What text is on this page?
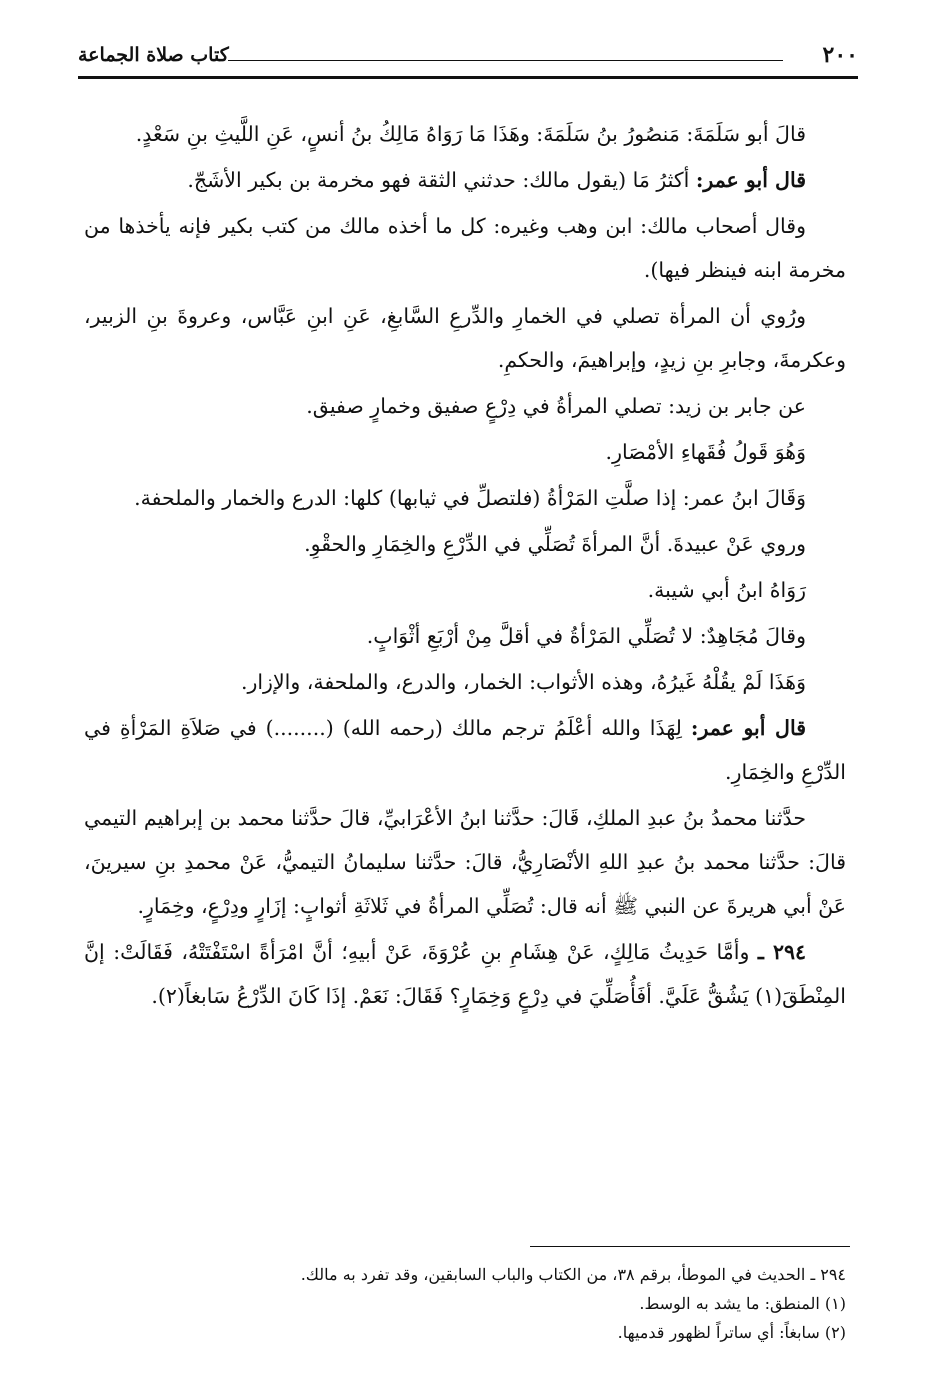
٢٠٠
كتاب صلاة الجماعة

قالَ أبو سَلَمَةَ: مَنصُورُ بنُ سَلَمَةَ: وهَذَا مَا رَوَاهُ مَالِكُ بنُ أنسٍ، عَنِ اللَّيثِ بنِ سَعْدٍ.

قال أبو عمر: أكثرُ مَا (يقول مالك: حدثني الثقة فهو مخرمة بن بكير الأشَجّ.

وقال أصحاب مالك: ابن وهب وغيره: كل ما أخذه مالك من كتب بكير فإنه يأخذها من مخرمة ابنه فينظر فيها).

ورُوي أن المرأة تصلي في الخمارِ والدِّرعِ السَّابغِ، عَنِ ابنِ عَبَّاس، وعروةَ بنِ الزبير، وعكرمةَ، وجابرِ بنِ زيدٍ، وإبراهيمَ، والحكمِ.

عن جابر بن زيد: تصلي المرأةُ في دِرْعٍ صفيق وخمارٍ صفيق.

وَهُوَ قَولُ فُقَهاءِ الأمْصَارِ.

وَقَالَ ابنُ عمر: إذا صلَّتِ المَرْأةُ (فلتصلِّ في ثيابها) كلها: الدرع والخمار والملحفة.

وروي عَنْ عبيدةَ. أنَّ المرأةَ تُصَلِّي في الدِّرْعِ والخِمَارِ والحقْوِ.

رَوَاهُ ابنُ أبي شيبة.

وقالَ مُجَاهِدٌ: لا تُصَلِّي المَرْأةُ في أقلَّ مِنْ أرْبَعِ أثْوَابٍ.

وَهَذَا لَمْ يقُلْهُ غَيرُهُ، وهذه الأثواب: الخمار، والدرع، والملحفة، والإزار.

قال أبو عمر: لِهَذَا والله أعْلَمُ ترجم مالك (رحمه الله) (........) في صَلاَةِ المَرْأةِ في الدِّرْعِ والخِمَارِ.

حدَّثنا محمدُ بنُ عبدِ الملكِ، قَالَ: حدَّثنا ابنُ الأعْرَابيِّ، قالَ حدَّثنا محمد بن إبراهيم التيمي قالَ: حدَّثنا محمد بنُ عبدِ اللهِ الأنْصَارِيُّ، قالَ: حدَّثنا سليمانُ التيميُّ، عَنْ محمدِ بنِ سيرينَ، عَنْ أبي هريرةَ عن النبي ﷺ أنه قال: تُصَلِّي المرأةُ في ثَلاثَةِ أثوابٍ: إزَارٍ ودِرْعٍ، وخِمَارٍ.

٢٩٤ ـ وأمَّا حَدِيثُ مَالِكٍ، عَنْ هِشَامِ بنِ عُرْوَةَ، عَنْ أبيهِ؛ أنَّ امْرَأةً اسْتَفْتَتْهُ، فَقَالَتْ: إنَّ المِنْطَقَ(١) يَشُقُّ عَلَيَّ. أفَأُصَلِّيَ في دِرْعٍ وَخِمَارٍ؟ فَقَالَ: نَعَمْ. إذَا كَانَ الدِّرْعُ سَابغاً(٢).

٢٩٤ ـ الحديث في الموطأ، برقم ٣٨، من الكتاب والباب السابقين، وقد تفرد به مالك.

(١) المنطق: ما يشد به الوسط.

(٢) سابغاً: أي ساتراً لظهور قدميها.
